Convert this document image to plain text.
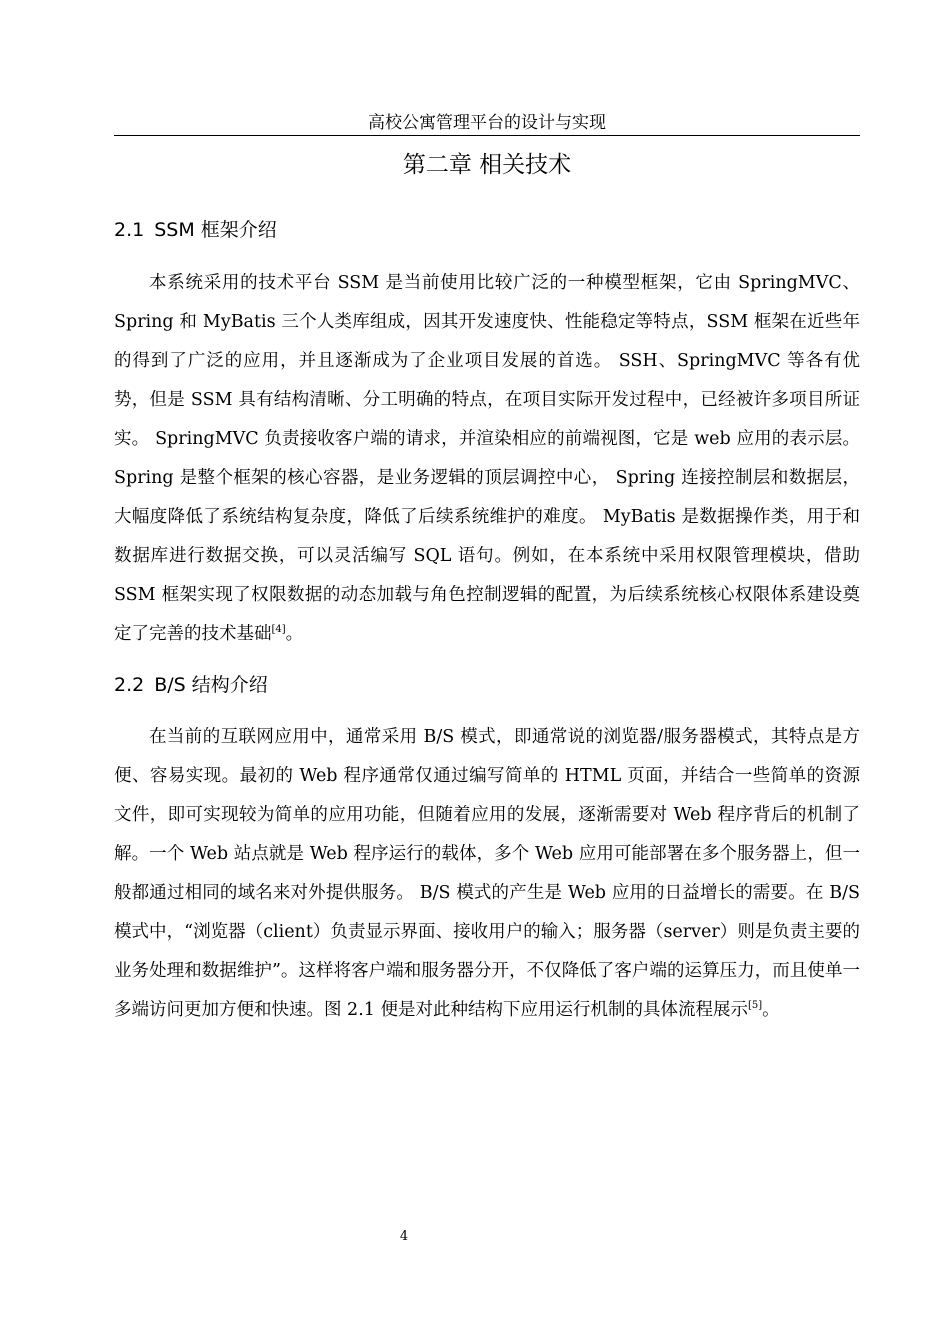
高校公寓管理平台的设计与实现
第二章 相关技术
2.1 SSM 框架介绍

本系统采用的技术平台 SSM 是当前使用比较广泛的一种模型框架，它由 SpringMVC、Spring 和 MyBatis 三个人类库组成，因其开发速度快、性能稳定等特点，SSM 框架在近些年的得到了广泛的应用，并且逐渐成为了企业项目发展的首选。 SSH、SpringMVC 等各有优势，但是 SSM 具有结构清晰、分工明确的特点，在项目实际开发过程中，已经被许多项目所证实。 SpringMVC 负责接收客户端的请求，并渲染相应的前端视图，它是 web 应用的表示层。 Spring 是整个框架的核心容器，是业务逻辑的顶层调控中心， Spring 连接控制层和数据层，大幅度降低了系统结构复杂度，降低了后续系统维护的难度。 MyBatis 是数据操作类，用于和数据库进行数据交换，可以灵活编写 SQL 语句。例如，在本系统中采用权限管理模块，借助 SSM 框架实现了权限数据的动态加载与角色控制逻辑的配置，为后续系统核心权限体系建设奠定了完善的技术基础[4]。

2.2 B/S 结构介绍

在当前的互联网应用中，通常采用 B/S 模式，即通常说的浏览器/服务器模式，其特点是方便、容易实现。最初的 Web 程序通常仅通过编写简单的 HTML 页面，并结合一些简单的资源文件，即可实现较为简单的应用功能，但随着应用的发展，逐渐需要对 Web 程序背后的机制了解。一个 Web 站点就是 Web 程序运行的载体，多个 Web 应用可能部署在多个服务器上，但一般都通过相同的域名来对外提供服务。 B/S 模式的产生是 Web 应用的日益增长的需要。在 B/S 模式中，“浏览器（client）负责显示界面、接收用户的输入；服务器（server）则是负责主要的业务处理和数据维护”。这样将客户端和服务器分开，不仅降低了客户端的运算压力，而且使单一多端访问更加方便和快速。图 2.1 便是对此种结构下应用运行机制的具体流程展示[5]。

4
